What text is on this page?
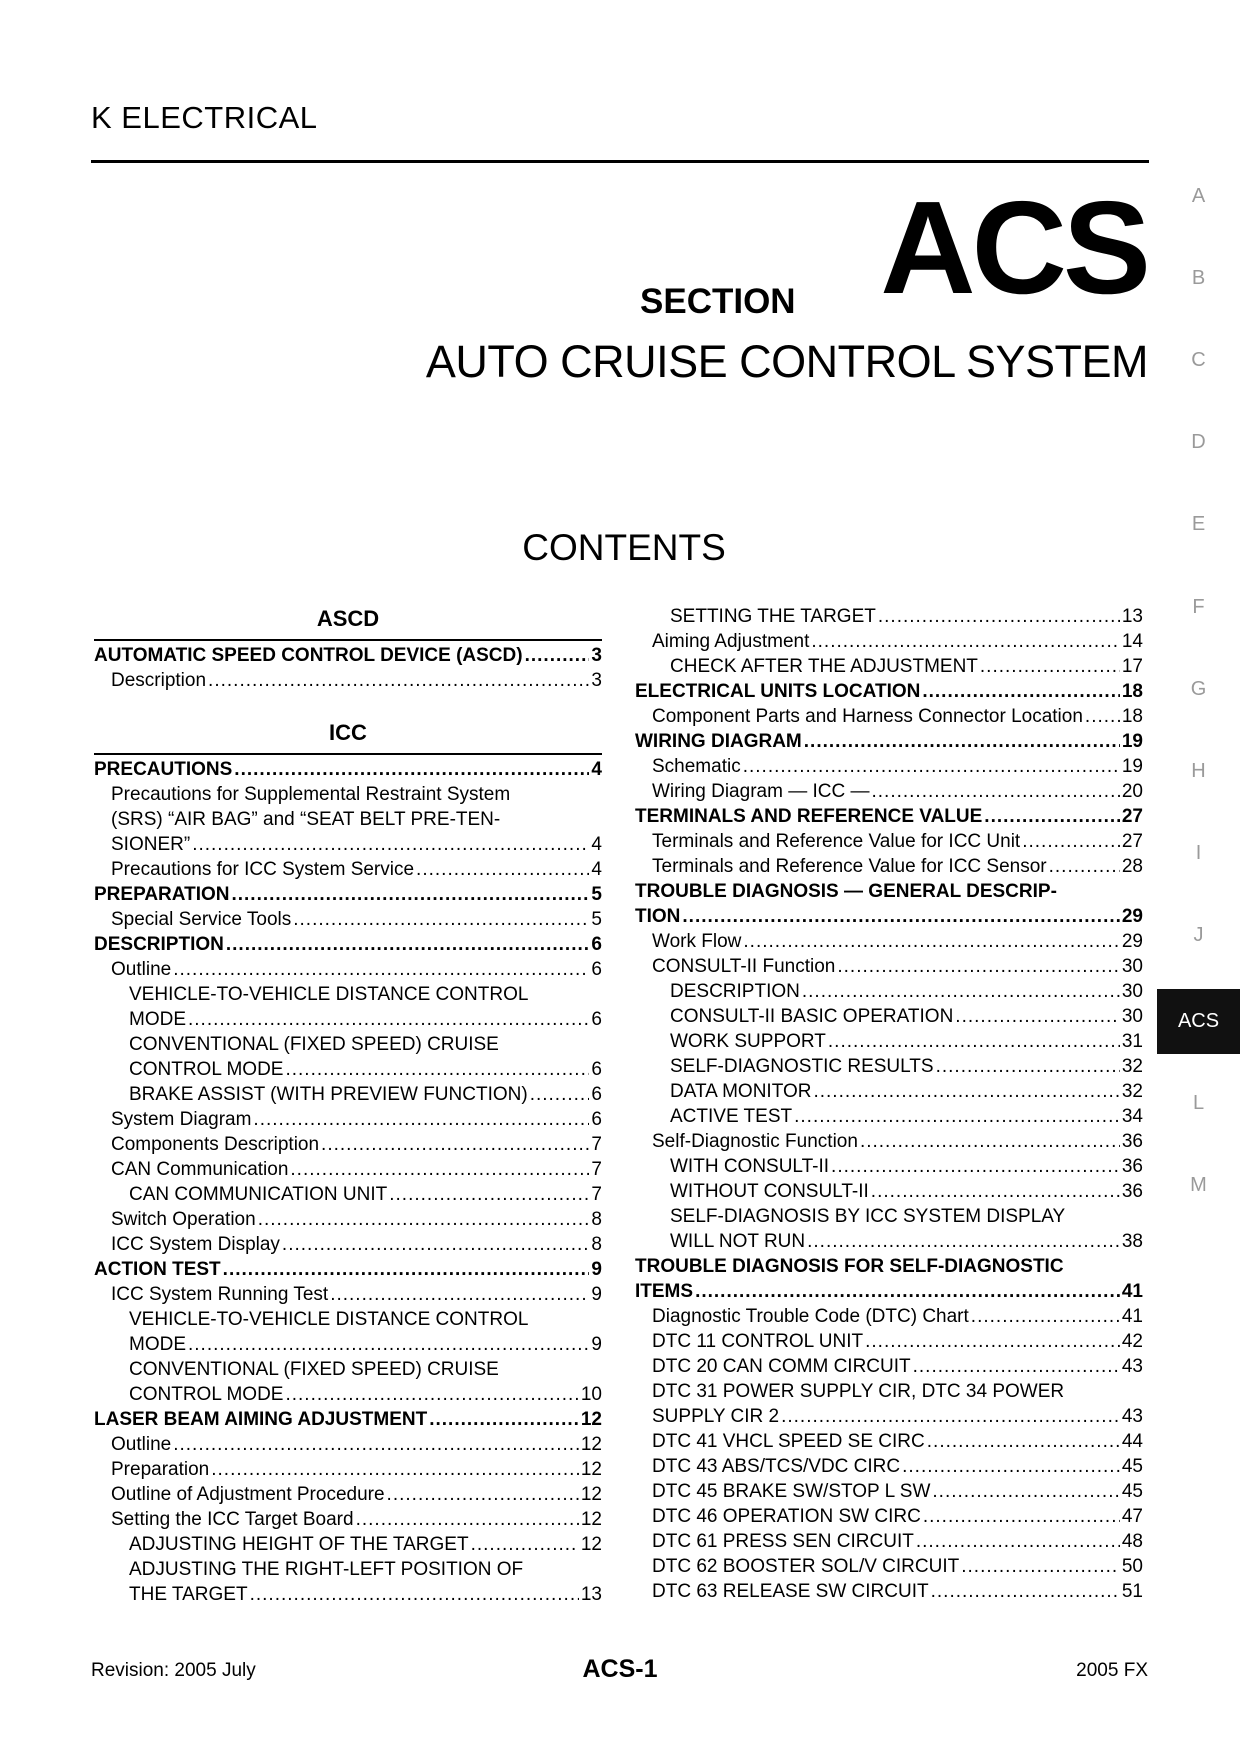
K ELECTRICAL
SECTION ACS
AUTO CRUISE CONTROL SYSTEM
CONTENTS
A
B
C
D
E
F
G
H
I
J
ACS
L
M
ASCD
AUTOMATIC SPEED CONTROL DEVICE (ASCD) .....	3
Description .....	3
ICC
PRECAUTIONS .....	4
Precautions for Supplemental Restraint System
(SRS) “AIR BAG” and “SEAT BELT PRE-TEN-
SIONER” .....	4
Precautions for ICC System Service .....	4
PREPARATION .....	5
Special Service Tools .....	5
DESCRIPTION .....	6
Outline .....	6
VEHICLE-TO-VEHICLE DISTANCE CONTROL
MODE .....	6
CONVENTIONAL (FIXED SPEED) CRUISE
CONTROL MODE .....	6
BRAKE ASSIST (WITH PREVIEW FUNCTION) .....	6
System Diagram .....	6
Components Description .....	7
CAN Communication .....	7
CAN COMMUNICATION UNIT .....	7
Switch Operation .....	8
ICC System Display .....	8
ACTION TEST .....	9
ICC System Running Test .....	9
VEHICLE-TO-VEHICLE DISTANCE CONTROL
MODE .....	9
CONVENTIONAL (FIXED SPEED) CRUISE
CONTROL MODE .....	10
LASER BEAM AIMING ADJUSTMENT .....	12
Outline .....	12
Preparation .....	12
Outline of Adjustment Procedure .....	12
Setting the ICC Target Board .....	12
ADJUSTING HEIGHT OF THE TARGET .....	12
ADJUSTING THE RIGHT-LEFT POSITION OF
THE TARGET .....	13
SETTING THE TARGET .....	13
Aiming Adjustment .....	14
CHECK AFTER THE ADJUSTMENT .....	17
ELECTRICAL UNITS LOCATION .....	18
Component Parts and Harness Connector Location ..... 18
WIRING DIAGRAM .....	19
Schematic .....	19
Wiring Diagram — ICC — .....	20
TERMINALS AND REFERENCE VALUE .....	27
Terminals and Reference Value for ICC Unit .....	27
Terminals and Reference Value for ICC Sensor .....	28
TROUBLE DIAGNOSIS — GENERAL DESCRIP-
TION .....	29
Work Flow .....	29
CONSULT-II Function .....	30
DESCRIPTION .....	30
CONSULT-II BASIC OPERATION .....	30
WORK SUPPORT .....	31
SELF-DIAGNOSTIC RESULTS .....	32
DATA MONITOR .....	32
ACTIVE TEST .....	34
Self-Diagnostic Function .....	36
WITH CONSULT-II .....	36
WITHOUT CONSULT-II .....	36
SELF-DIAGNOSIS BY ICC SYSTEM DISPLAY
WILL NOT RUN .....	38
TROUBLE DIAGNOSIS FOR SELF-DIAGNOSTIC
ITEMS .....	41
Diagnostic Trouble Code (DTC) Chart .....	41
DTC 11 CONTROL UNIT .....	42
DTC 20 CAN COMM CIRCUIT .....	43
DTC 31 POWER SUPPLY CIR, DTC 34 POWER
SUPPLY CIR 2 .....	43
DTC 41 VHCL SPEED SE CIRC .....	44
DTC 43 ABS/TCS/VDC CIRC .....	45
DTC 45 BRAKE SW/STOP L SW .....	45
DTC 46 OPERATION SW CIRC .....	47
DTC 61 PRESS SEN CIRCUIT .....	48
DTC 62 BOOSTER SOL/V CIRCUIT .....	50
DTC 63 RELEASE SW CIRCUIT .....	51
Revision: 2005 July	ACS-1	2005 FX
